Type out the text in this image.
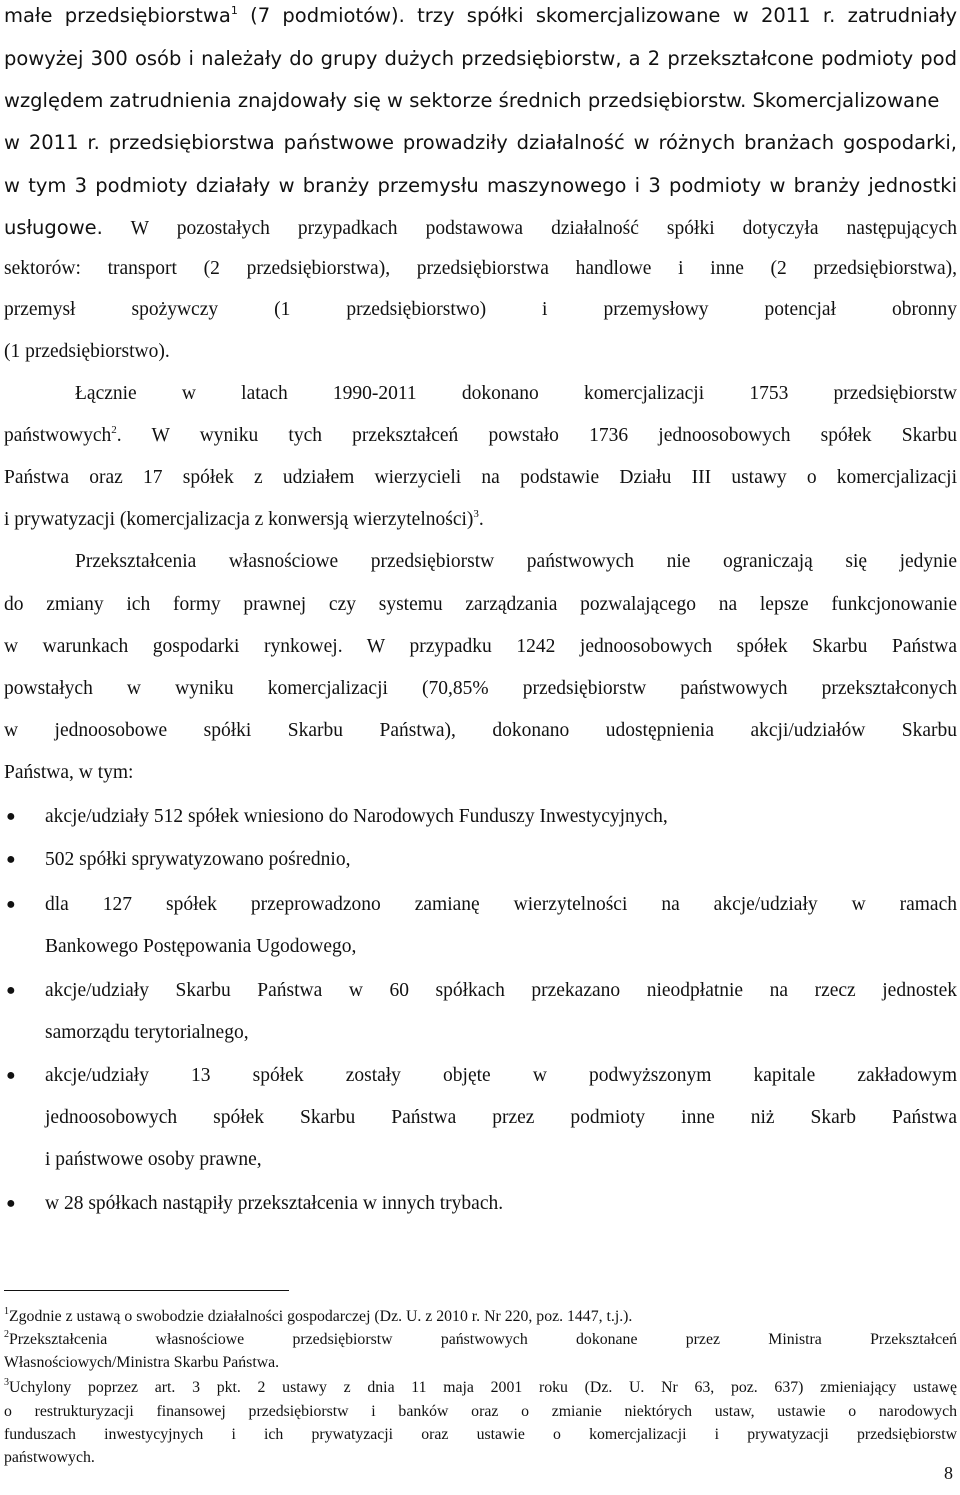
małe przedsiębiorstwa$^1$ (7 podmiotów). trzy spółki skomercjalizowane w 2011 r. zatrudniały
powyżej 300 osób i należały do grupy dużych przedsiębiorstw, a 2 przekształcone podmioty pod
względem zatrudnienia znajdowały się w sektorze średnich przedsiębiorstw. Skomercjalizowane
w 2011 r. przedsiębiorstwa państwowe prowadziły działalność w różnych branżach gospodarki,
w tym 3 podmioty działały w branży przemysłu maszynowego i 3 podmioty w branży jednostki
usługowe. W pozostałych przypadkach podstawowa działalność spółki dotyczyła następujących
sektorów: transport (2 przedsiębiorstwa), przedsiębiorstwa handlowe i inne (2 przedsiębiorstwa),
przemysł spożywczy (1 przedsiębiorstwo) i przemysłowy potencjał obronny
(1 przedsiębiorstwo).
Łącznie w latach 1990-2011 dokonano komercjalizacji 1753 przedsiębiorstw
państwowych$^2$. W wyniku tych przekształceń powstało 1736 jednoosobowych spółek Skarbu
Państwa oraz 17 spółek z udziałem wierzycieli na podstawie Działu III ustawy o komercjalizacji
i prywatyzacji (komercjalizacja z konwersją wierzytelności)$^3$.
Przekształcenia własnościowe przedsiębiorstw państwowych nie ograniczają się jedynie
do zmiany ich formy prawnej czy systemu zarządzania pozwalającego na lepsze funkcjonowanie
w warunkach gospodarki rynkowej. W przypadku 1242 jednoosobowych spółek Skarbu Państwa
powstałych w wyniku komercjalizacji (70,85% przedsiębiorstw państwowych przekształconych
w jednoosobowe spółki Skarbu Państwa), dokonano udostępnienia akcji/udziałów Skarbu
Państwa, w tym:
● akcje/udziały 512 spółek wniesiono do Narodowych Funduszy Inwestycyjnych,
● 502 spółki sprywatyzowano pośrednio,
● dla 127 spółek przeprowadzono zamianę wierzytelności na akcje/udziały w ramach
Bankowego Postępowania Ugodowego,
● akcje/udziały Skarbu Państwa w 60 spółkach przekazano nieodpłatnie na rzecz jednostek
samorządu terytorialnego,
● akcje/udziały 13 spółek zostały objęte w podwyższonym kapitale zakładowym
jednoosobowych spółek Skarbu Państwa przez podmioty inne niż Skarb Państwa
i państwowe osoby prawne,
● w 28 spółkach nastąpiły przekształcenia w innych trybach.
$^1$Zgodnie z ustawą o swobodzie działalności gospodarczej (Dz. U. z 2010 r. Nr 220, poz. 1447, t.j.).
$^2$Przekształcenia własnościowe przedsiębiorstw państwowych dokonane przez Ministra Przekształceń
Własnościowych/Ministra Skarbu Państwa.
$^3$Uchylony poprzez art. 3 pkt. 2 ustawy z dnia 11 maja 2001 roku (Dz. U. Nr 63, poz. 637) zmieniający ustawę
o restrukturyzacji finansowej przedsiębiorstw i banków oraz o zmianie niektórych ustaw, ustawie o narodowych
funduszach inwestycyjnych i ich prywatyzacji oraz ustawie o komercjalizacji i prywatyzacji przedsiębiorstw
państwowych.
8
